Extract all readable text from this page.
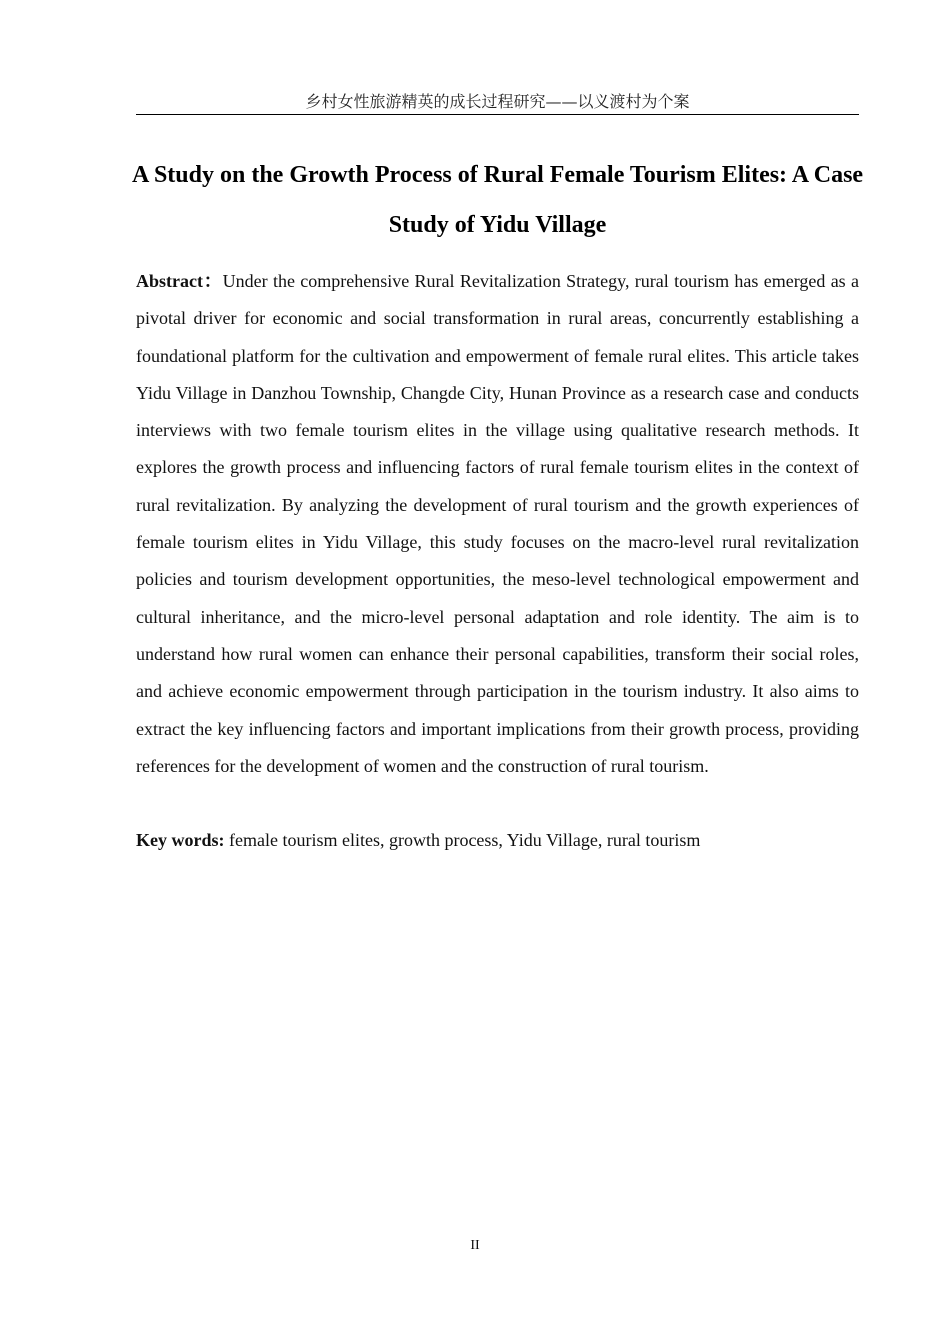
乡村女性旅游精英的成长过程研究——以义渡村为个案
A Study on the Growth Process of Rural Female Tourism Elites: A Case Study of Yidu Village

Abstract：Under the comprehensive Rural Revitalization Strategy, rural tourism has emerged as a pivotal driver for economic and social transformation in rural areas, concurrently establishing a foundational platform for the cultivation and empowerment of female rural elites. This article takes Yidu Village in Danzhou Township, Changde City, Hunan Province as a research case and conducts interviews with two female tourism elites in the village using qualitative research methods. It explores the growth process and influencing factors of rural female tourism elites in the context of rural revitalization. By analyzing the development of rural tourism and the growth experiences of female tourism elites in Yidu Village, this study focuses on the macro-level rural revitalization policies and tourism development opportunities, the meso-level technological empowerment and cultural inheritance, and the micro-level personal adaptation and role identity. The aim is to understand how rural women can enhance their personal capabilities, transform their social roles, and achieve economic empowerment through participation in the tourism industry. It also aims to extract the key influencing factors and important implications from their growth process, providing references for the development of women and the construction of rural tourism.

Key words: female tourism elites, growth process, Yidu Village, rural tourism

II
